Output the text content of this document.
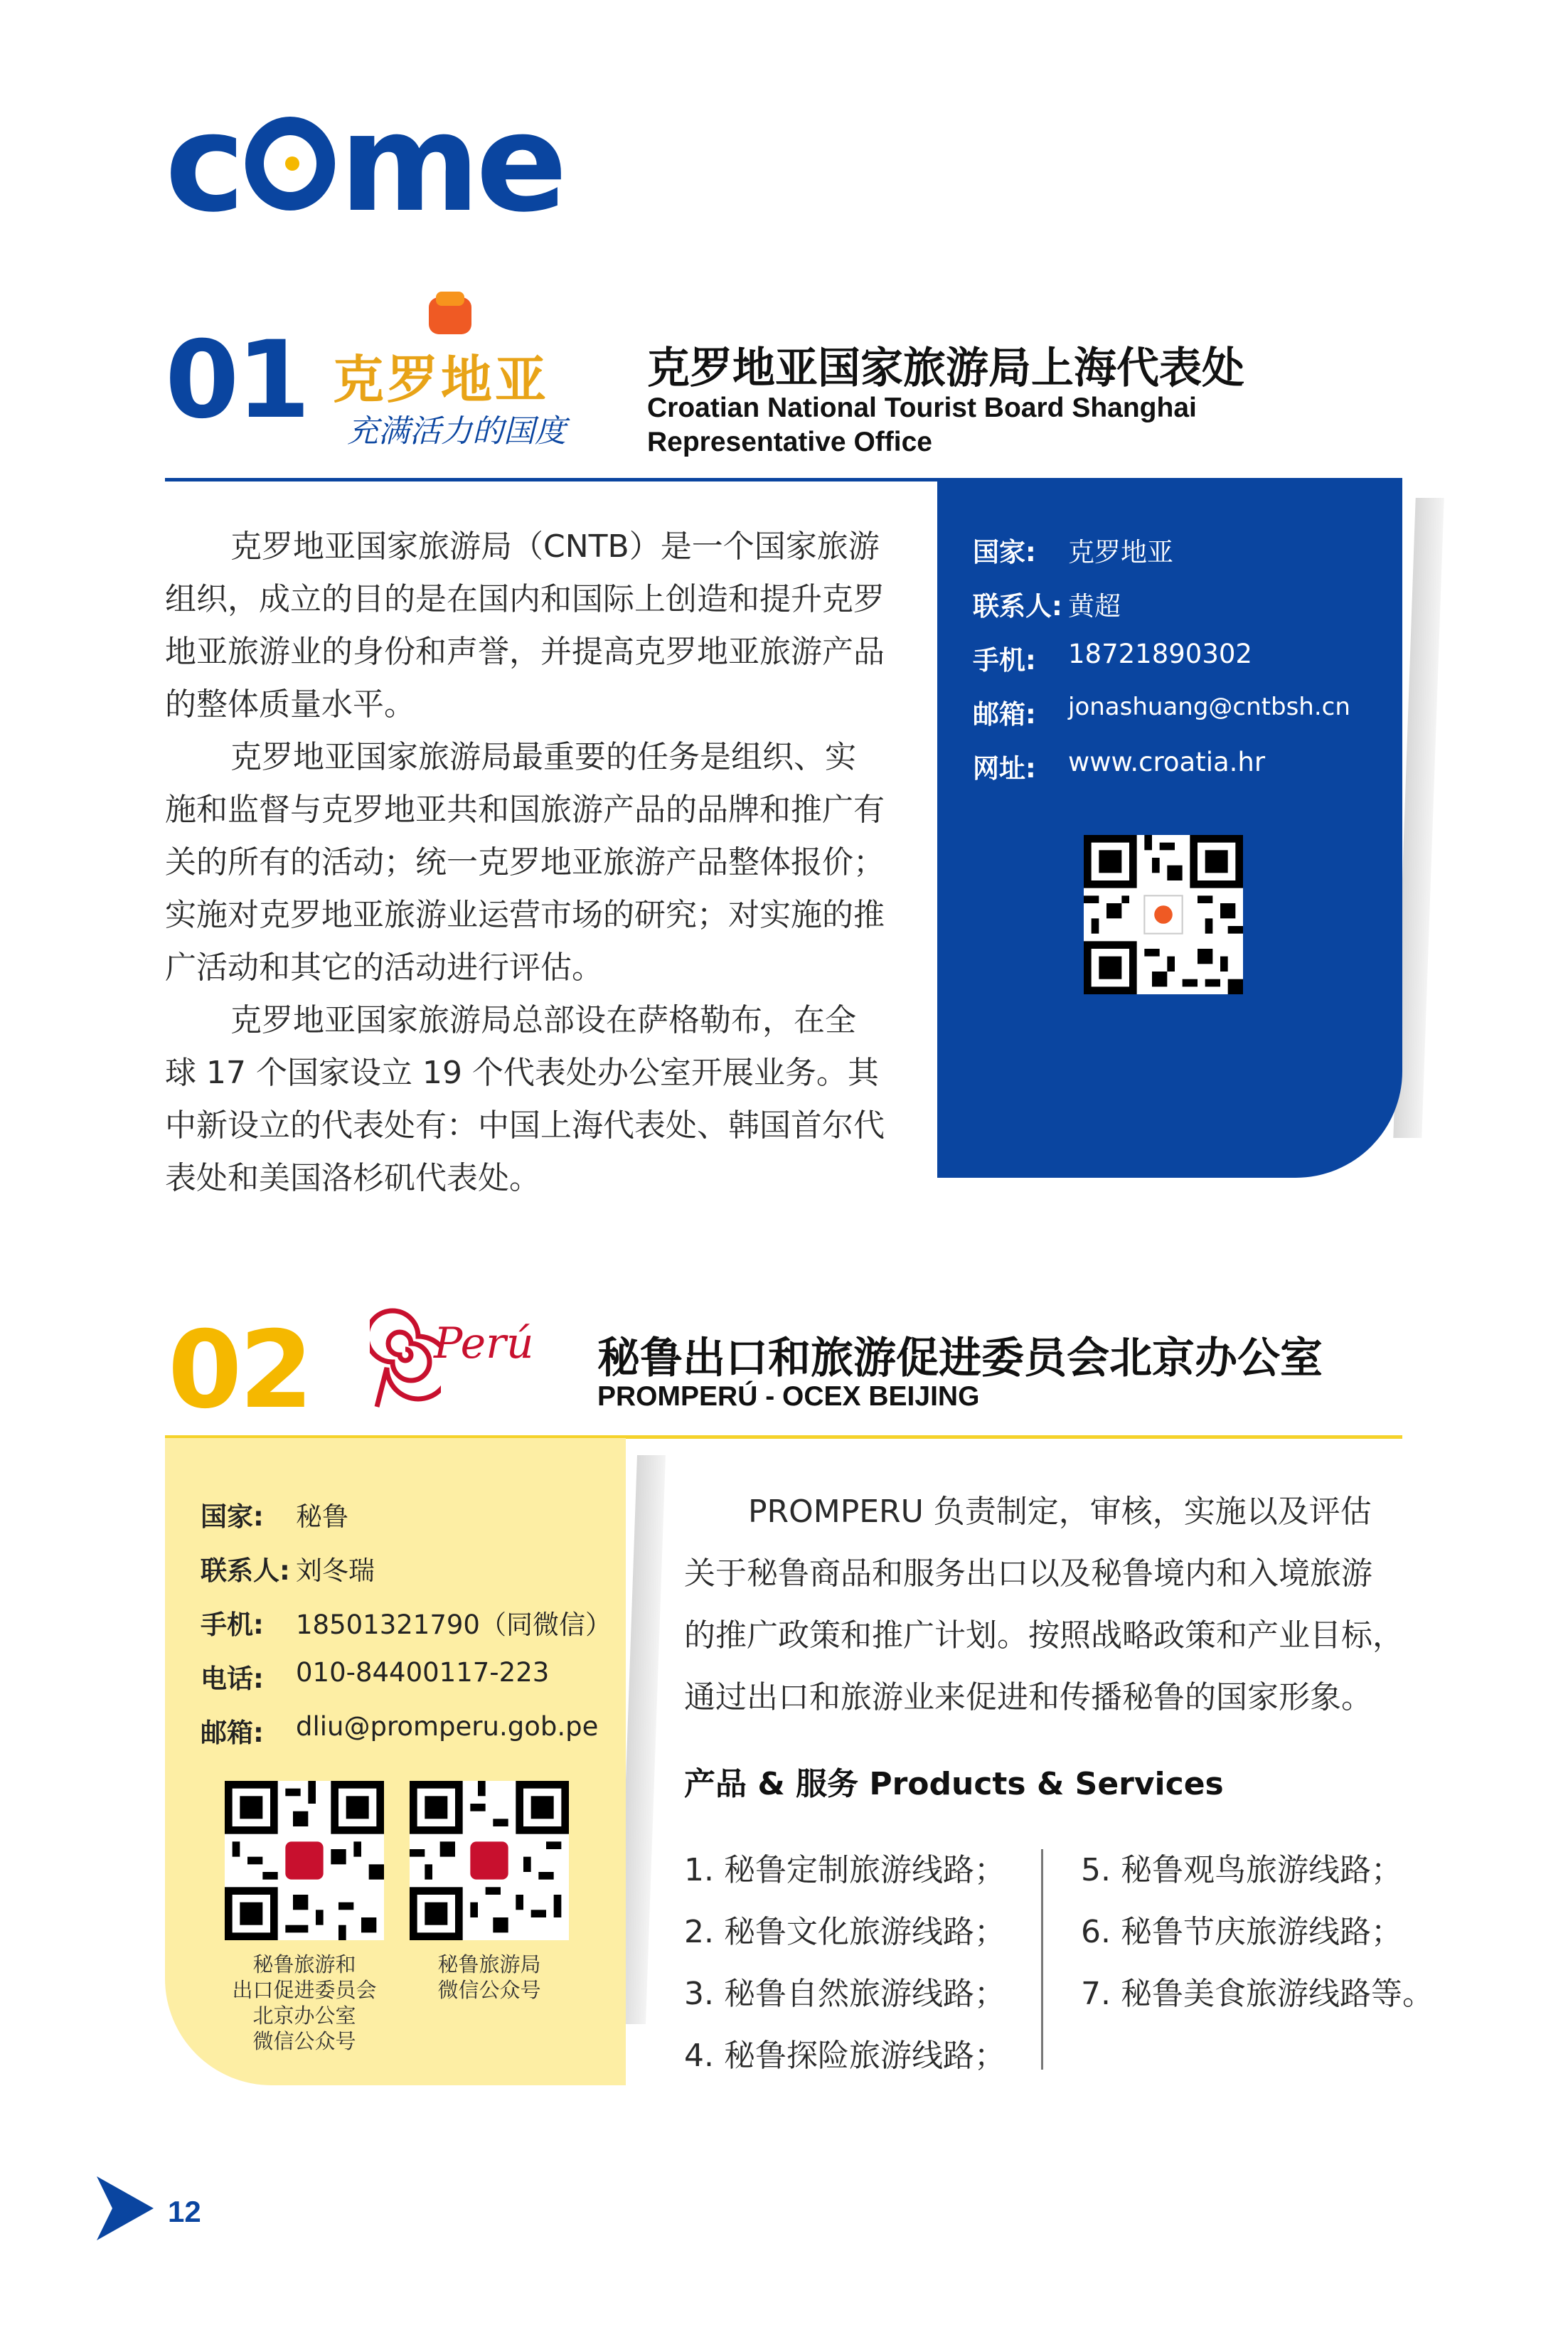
c me
01 克罗地亚
充满活力的国度
克罗地亚国家旅游局上海代表处
Croatian National Tourist Board Shanghai
Representative Office

克罗地亚国家旅游局（CNTB）是一个国家旅游组织，成立的目的是在国内和国际上创造和提升克罗地亚旅游业的身份和声誉，并提高克罗地亚旅游产品的整体质量水平。

克罗地亚国家旅游局最重要的任务是组织、实施和监督与克罗地亚共和国旅游产品的品牌和推广有关的所有的活动；统一克罗地亚旅游产品整体报价；实施对克罗地亚旅游业运营市场的研究；对实施的推广活动和其它的活动进行评估。

克罗地亚国家旅游局总部设在萨格勒布，在全球 17 个国家设立 19 个代表处办公室开展业务。其中新设立的代表处有：中国上海代表处、韩国首尔代表处和美国洛杉矶代表处。

国家:	克罗地亚
联系人: 黄超
手机:	18721890302
邮箱:	jonashuang@cntbsh.cn
网址:	www.croatia.hr
02	Perú 秘鲁出口和旅游促进委员会北京办公室
PROMPERÚ - OCEX BEIJING
国家:	秘鲁
联系人: 刘冬瑞
手机:	18501321790（同微信）
电话:	010-84400117-223
邮箱:	dliu@promperu.gob.pe
秘鲁旅游和
出口促进委员会
北京办公室
微信公众号
秘鲁旅游局
微信公众号
PROMPERU 负责制定，审核，实施以及评估
关于秘鲁商品和服务出口以及秘鲁境内和入境旅游
的推广政策和推广计划。按照战略政策和产业目标，
通过出口和旅游业来促进和传播秘鲁的国家形象。
产品 & 服务 Products & Services
1. 秘鲁定制旅游线路；
2. 秘鲁文化旅游线路；
3. 秘鲁自然旅游线路；
4. 秘鲁探险旅游线路；
5. 秘鲁观鸟旅游线路；
6. 秘鲁节庆旅游线路；
7. 秘鲁美食旅游线路等。
12
